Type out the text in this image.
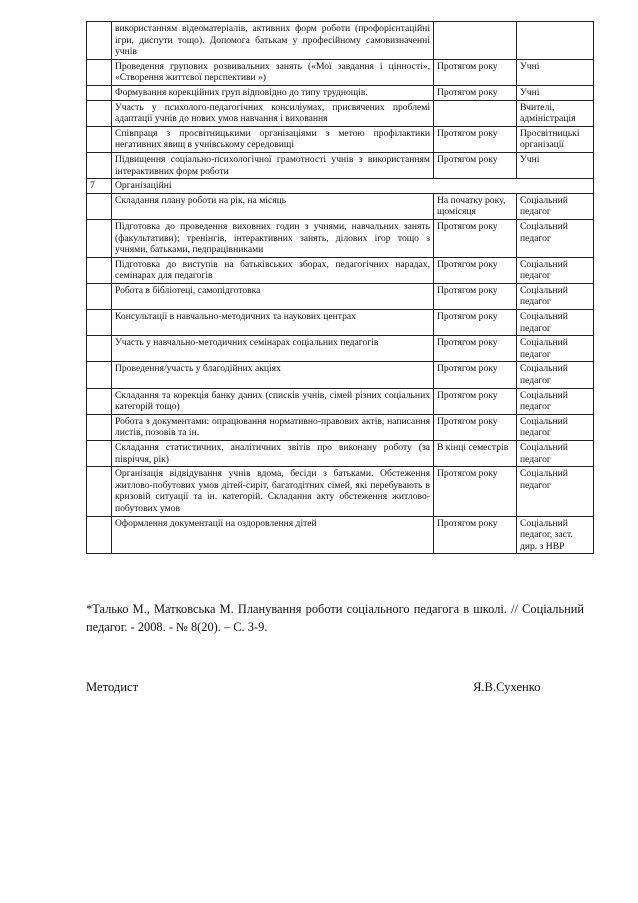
	використанням відеоматеріалів, активних форм роботи (профорієнтаційні ігри, диспути тощо). Допомога батькам у професійному самовизначенні учнів		
	Проведення групових розвивальних занять («Мої завдання і цінності», «Створення життєвої перспективи »)	Протягом року	Учні
	Формування корекційних груп відповідно до типу труднощів.	Протягом року	Учні
	Участь у психолого-педагогічних консиліумах, присвячених проблемі адаптації учнів до нових умов навчання і виховання		Вчителі, адміністрація
	Співпраця з просвітницькими організаціями з метою профілактики негативних явищ в учнівському середовищі	Протягом року	Просвітницькі організації
	Підвищення соціально-психологічної грамотності учнів з використанням інтерактивних форм роботи	Протягом року	Учні
7	Організаційні		
	Складання плану роботи на рік, на місяць	На початку року, щомісяця	Соціальний педагог
	Підготовка до проведення виховних годин з учнями, навчальних занять (факультативи); тренінгів, інтерактивних занять, ділових ігор тощо з учнями, батьками, педпрацівниками	Протягом року	Соціальний педагог
	Підготовка до виступів на батьківських зборах, педагогічних нарадах, семінарах для педагогів	Протягом року	Соціальний педагог
	Робота в бібліотеці, самопідготовка	Протягом року	Соціальний педагог
	Консультації в навчально-методичних та наукових центрах	Протягом року	Соціальний педагог
	Участь у навчально-методичних семінарах соціальних педагогів	Протягом року	Соціальний педагог
	Проведення/участь у благодійних акціях	Протягом року	Соціальний педагог
	Складання та корекція банку даних (списків учнів, сімей різних соціальних категорій тощо)	Протягом року	Соціальний педагог
	Робота з документами: опрацювання нормативно-правових актів, написання листів, позовів та ін.	Протягом року	Соціальний педагог
	Складання статистичних, аналітичних звітів про виконану роботу (за півріччя, рік)	В кінці семестрів	Соціальний педагог
	Організація відвідування учнів вдома, бесіди з батьками. Обстеження житлово-побутових умов дітей-сиріт, багатодітних сімей, які перебувають в кризовій ситуації та ін. категорій. Складання акту обстеження житлово-побутових умов	Протягом року	Соціальний педагог
	Оформлення документації на оздоровлення дітей	Протягом року	Соціальний педагог, заст. дир. з НВР
*Талько М., Матковська М. Планування роботи соціального педагога в школі. // Соціальний педагог. - 2008. - № 8(20). – С. 3-9.
Методист	Я.В.Сухенко
